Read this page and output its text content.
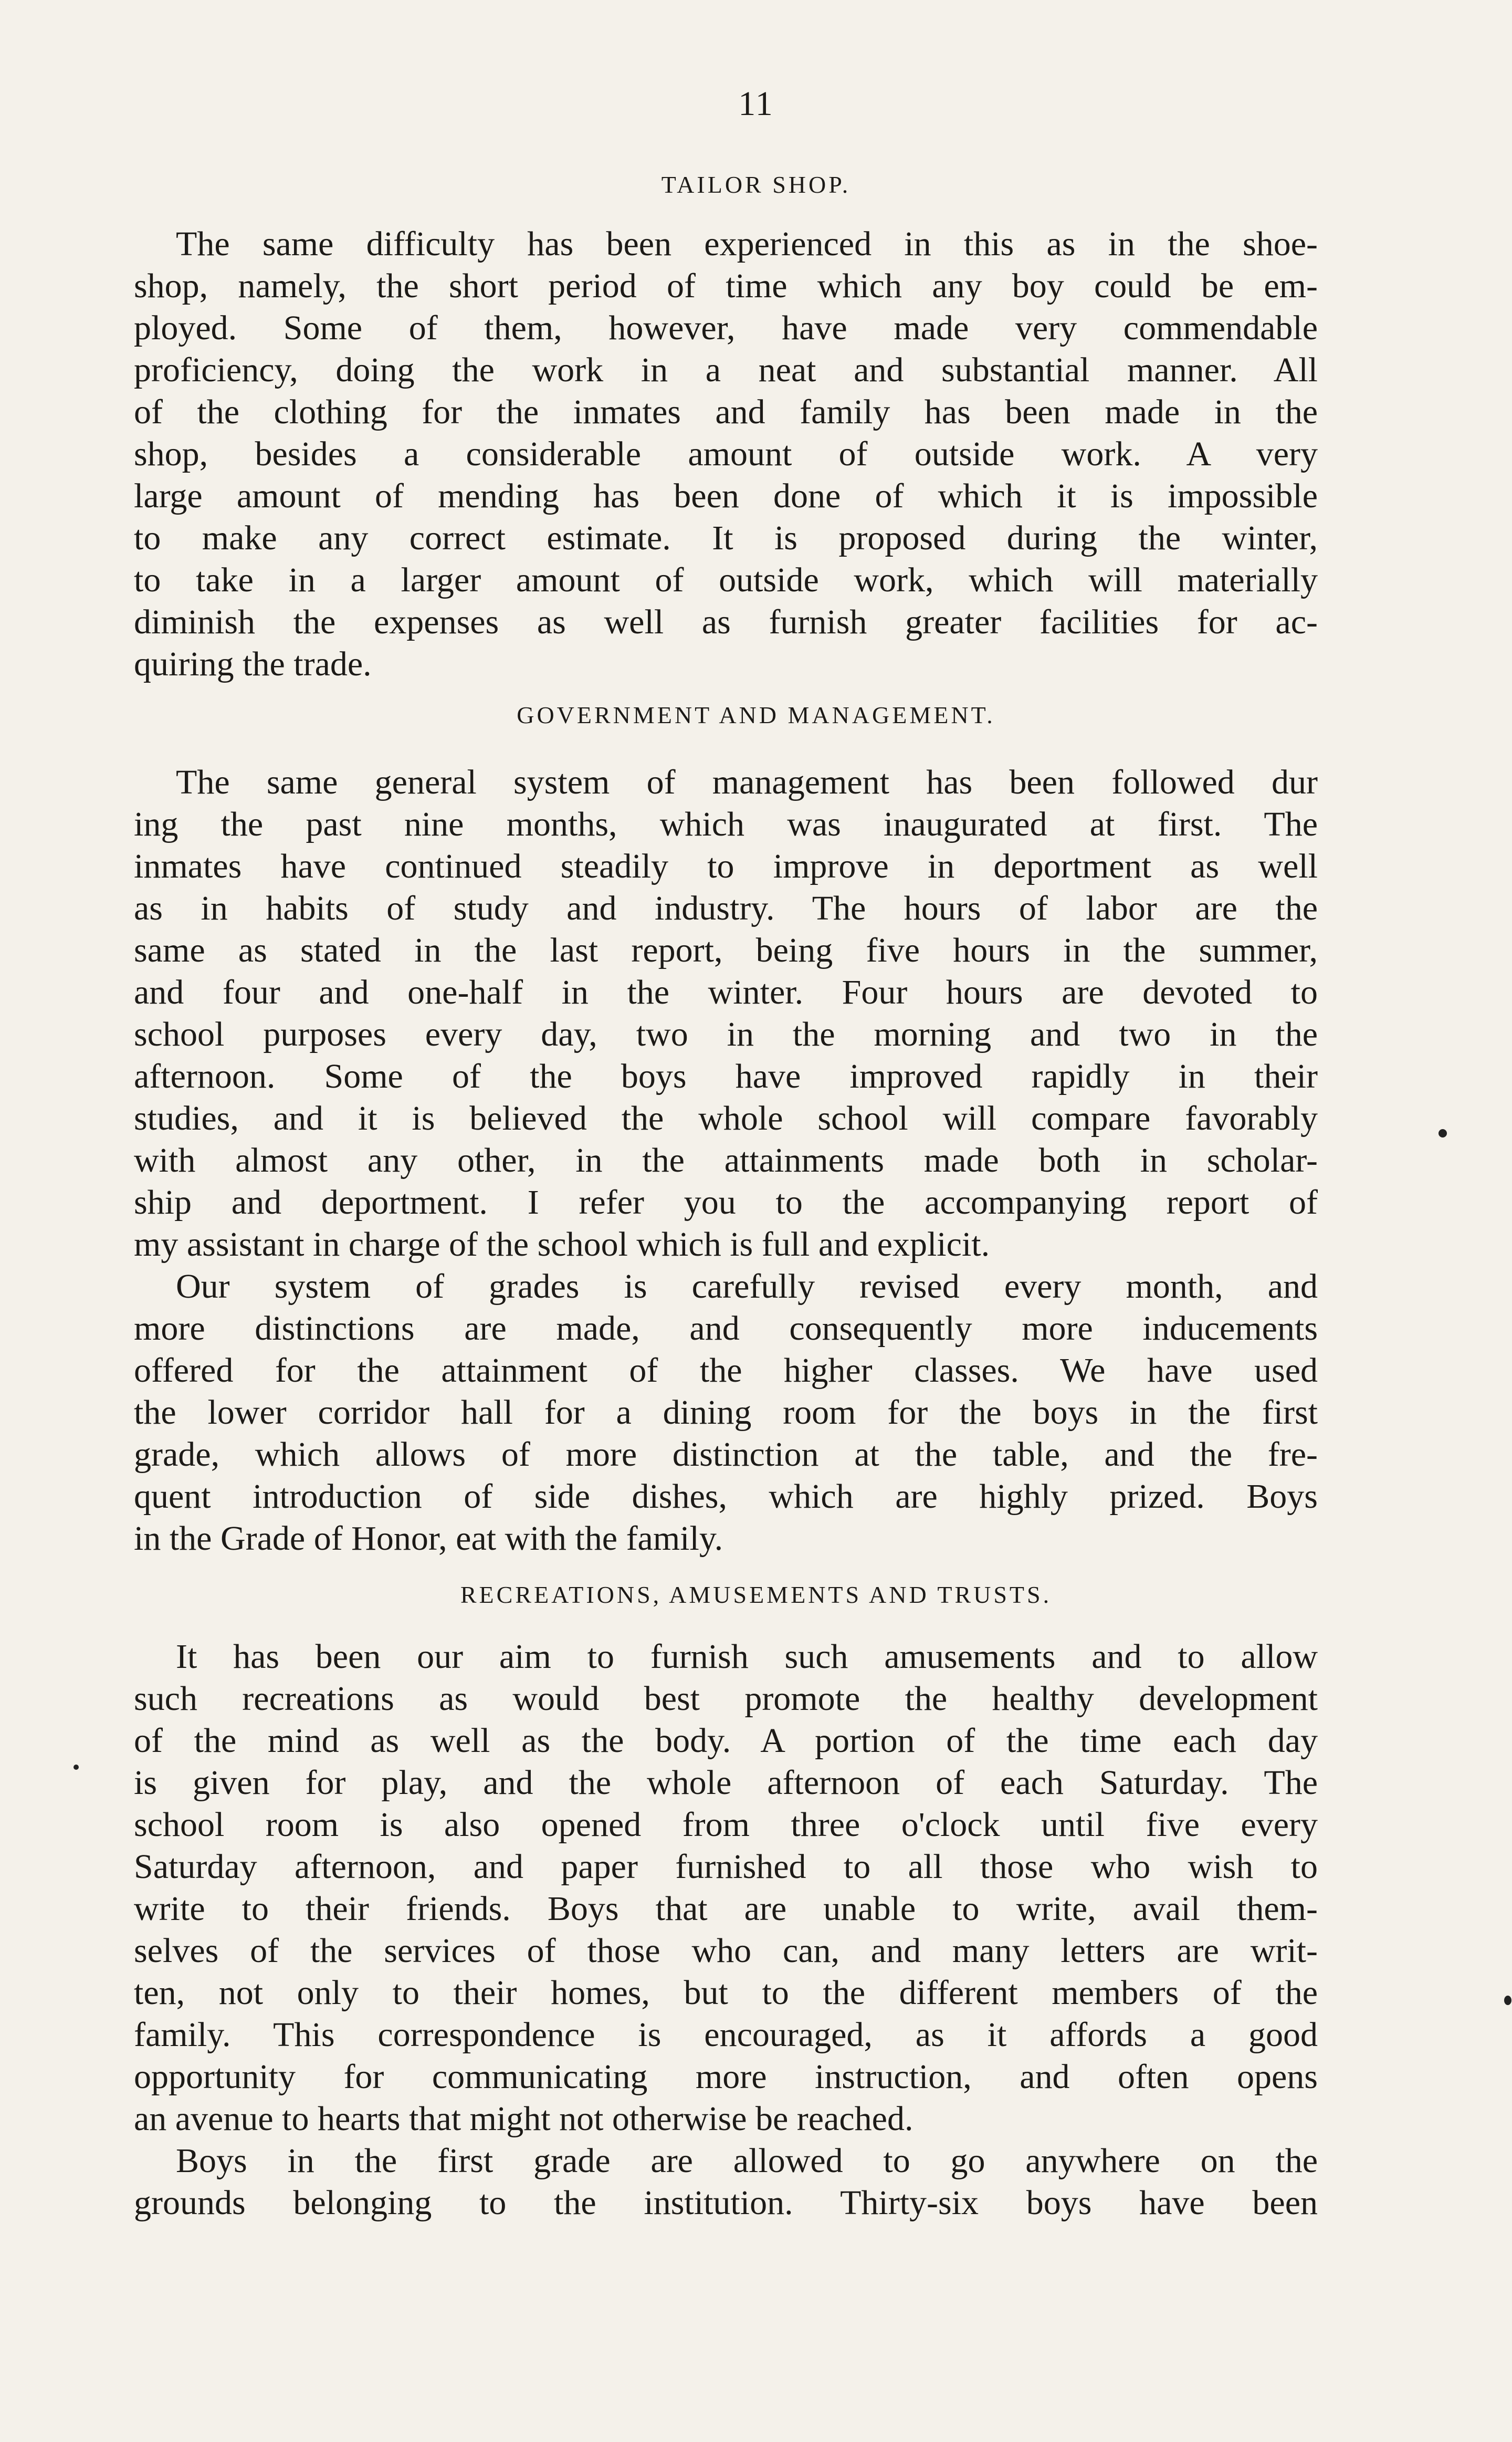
11
TAILOR SHOP.
The same difficulty has been experienced in this as in the shoe-
shop, namely, the short period of time which any boy could be em-
ployed. Some of them, however, have made very commendable
proficiency, doing the work in a neat and substantial manner. All
of the clothing for the inmates and family has been made in the
shop, besides a considerable amount of outside work. A very
large amount of mending has been done of which it is impossible
to make any correct estimate. It is proposed during the winter,
to take in a larger amount of outside work, which will materially
diminish the expenses as well as furnish greater facilities for ac-
quiring the trade.
GOVERNMENT AND MANAGEMENT.
The same general system of management has been followed dur
ing the past nine months, which was inaugurated at first. The
inmates have continued steadily to improve in deportment as well
as in habits of study and industry. The hours of labor are the
same as stated in the last report, being five hours in the summer,
and four and one-half in the winter. Four hours are devoted to
school purposes every day, two in the morning and two in the
afternoon. Some of the boys have improved rapidly in their
studies, and it is believed the whole school will compare favorably
with almost any other, in the attainments made both in scholar-
ship and deportment. I refer you to the accompanying report of
my assistant in charge of the school which is full and explicit.
Our system of grades is carefully revised every month, and
more distinctions are made, and consequently more inducements
offered for the attainment of the higher classes. We have used
the lower corridor hall for a dining room for the boys in the first
grade, which allows of more distinction at the table, and the fre-
quent introduction of side dishes, which are highly prized. Boys
in the Grade of Honor, eat with the family.
RECREATIONS, AMUSEMENTS AND TRUSTS.
It has been our aim to furnish such amusements and to allow
such recreations as would best promote the healthy development
of the mind as well as the body. A portion of the time each day
is given for play, and the whole afternoon of each Saturday. The
school room is also opened from three o'clock until five every
Saturday afternoon, and paper furnished to all those who wish to
write to their friends. Boys that are unable to write, avail them-
selves of the services of those who can, and many letters are writ-
ten, not only to their homes, but to the different members of the
family. This correspondence is encouraged, as it affords a good
opportunity for communicating more instruction, and often opens
an avenue to hearts that might not otherwise be reached.
Boys in the first grade are allowed to go anywhere on the
grounds belonging to the institution. Thirty-six boys have been
